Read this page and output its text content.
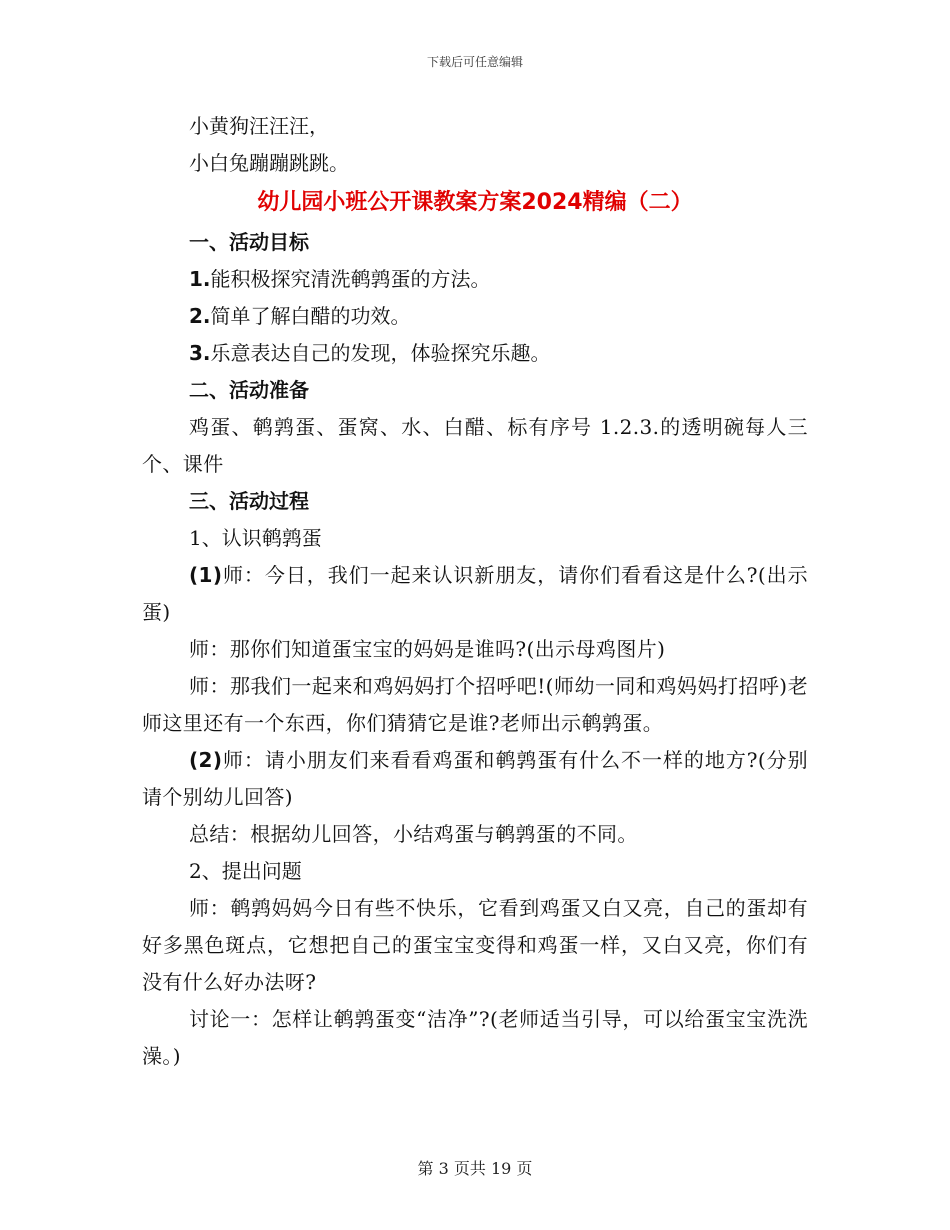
下载后可任意编辑
小黄狗汪汪汪，
小白兔蹦蹦跳跳。
幼儿园小班公开课教案方案2024精编（二）
一、活动目标
1.能积极探究清洗鹌鹑蛋的方法。
2.简单了解白醋的功效。
3.乐意表达自己的发现，体验探究乐趣。
二、活动准备
鸡蛋、鹌鹑蛋、蛋窝、水、白醋、标有序号 1.2.3.的透明碗每人三个、课件
三、活动过程
1、认识鹌鹑蛋
(1)师：今日，我们一起来认识新朋友，请你们看看这是什么?(出示蛋)
师：那你们知道蛋宝宝的妈妈是谁吗?(出示母鸡图片)
师：那我们一起来和鸡妈妈打个招呼吧!(师幼一同和鸡妈妈打招呼)老师这里还有一个东西，你们猜猜它是谁?老师出示鹌鹑蛋。
(2)师：请小朋友们来看看鸡蛋和鹌鹑蛋有什么不一样的地方?(分别请个别幼儿回答)
总结：根据幼儿回答，小结鸡蛋与鹌鹑蛋的不同。
2、提出问题
师：鹌鹑妈妈今日有些不快乐，它看到鸡蛋又白又亮，自己的蛋却有好多黑色斑点，它想把自己的蛋宝宝变得和鸡蛋一样，又白又亮，你们有没有什么好办法呀?
讨论一：怎样让鹌鹑蛋变“洁净”?(老师适当引导，可以给蛋宝宝洗洗澡。)
第 3 页共 19 页
